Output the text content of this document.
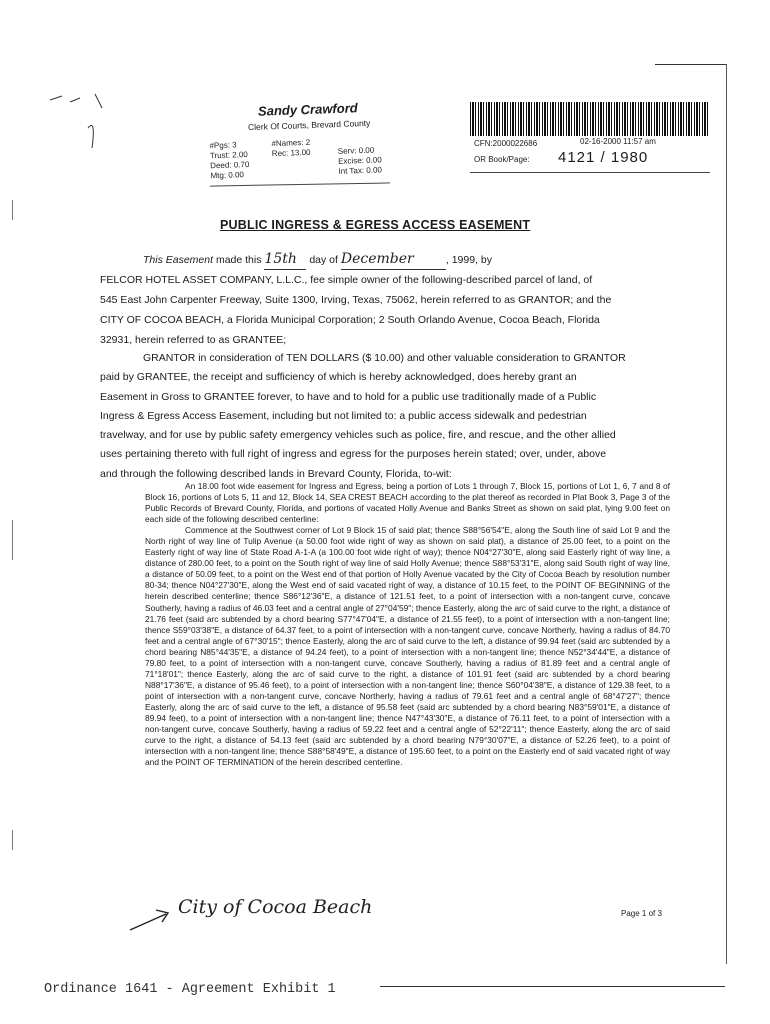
Sandy Crawford
Clerk Of Courts, Brevard County
#Pgs: 3	#Names: 2
Trust: 2.00	Rec: 13.00	Serv: 0.00
Deed: 0.70	Excise: 0.00
Mtg: 0.00	Int Tax: 0.00
CFN:2000022686	02-16-2000 11:57 am
OR Book/Page: 4121 / 1980
PUBLIC INGRESS & EGRESS ACCESS EASEMENT
This Easement made this 15th day of December	, 1999, by
FELCOR HOTEL ASSET COMPANY, L.L.C., fee simple owner of the following-described parcel of land, of
545 East John Carpenter Freeway, Suite 1300, Irving, Texas, 75062, herein referred to as GRANTOR; and the
CITY OF COCOA BEACH, a Florida Municipal Corporation; 2 South Orlando Avenue, Cocoa Beach, Florida
32931, herein referred to as GRANTEE;
GRANTOR in consideration of TEN DOLLARS ($ 10.00) and other valuable consideration to GRANTOR
paid by GRANTEE, the receipt and sufficiency of which is hereby acknowledged, does hereby grant an
Easement in Gross to GRANTEE forever, to have and to hold for a public use traditionally made of a Public
Ingress & Egress Access Easement, including but not limited to: a public access sidewalk and pedestrian
travelway, and for use by public safety emergency vehicles such as police, fire, and rescue, and the other allied
uses pertaining thereto with full right of ingress and egress for the purposes herein stated; over, under, above
and through the following described lands in Brevard County, Florida, to-wit:

An 18.00 foot wide easement for Ingress and Egress, being a portion of Lots 1 through 7, Block 15, portions of Lot 1, 6, 7 and 8 of Block 16, portions of Lots 5, 11 and 12, Block 14, SEA CREST BEACH according to the plat thereof as recorded in Plat Book 3, Page 3 of the Public Records of Brevard County, Florida, and portions of vacated Holly Avenue and Banks Street as shown on said plat, lying 9.00 feet on each side of the following described centerline:

Commence at the Southwest corner of Lot 9 Block 15 of said plat; thence S88°56'54"E, along the South line of said Lot 9 and the North right of way line of Tulip Avenue (a 50.00 foot wide right of way as shown on said plat), a distance of 25.00 feet, to a point on the Easterly right of way line of State Road A-1-A (a 100.00 foot wide right of way); thence N04°27'30"E, along said Easterly right of way line, a distance of 280.00 feet, to a point on the South right of way line of said Holly Avenue; thence S88°53'31"E, along said South right of way line, a distance of 50.09 feet, to a point on the West end of that portion of Holly Avenue vacated by the City of Cocoa Beach by resolution number 80-34; thence N04°27'30"E, along the West end of said vacated right of way, a distance of 10.15 feet, to the POINT OF BEGINNING of the herein described centerline; thence S86°12'36"E, a distance of 121.51 feet, to a point of intersection with a non-tangent curve, concave Southerly, having a radius of 46.03 feet and a central angle of 27°04'59"; thence Easterly, along the arc of said curve to the right, a distance of 21.76 feet (said arc subtended by a chord bearing S77°47'04"E, a distance of 21.55 feet), to a point of intersection with a non-tangent line; thence S59°03'38"E, a distance of 64.37 feet, to a point of intersection with a non-tangent curve, concave Northerly, having a radius of 84.70 feet and a central angle of 67°30'15"; thence Easterly, along the arc of said curve to the left, a distance of 99.94 feet (said arc subtended by a chord bearing N85°44'35"E, a distance of 94.24 feet), to a point of intersection with a non-tangent line; thence N52°34'44"E, a distance of 79.80 feet, to a point of intersection with a non-tangent curve, concave Southerly, having a radius of 81.89 feet and a central angle of 71°18'01"; thence Easterly, along the arc of said curve to the right, a distance of 101.91 feet (said arc subtended by a chord bearing N88°17'36"E, a distance of 95.46 feet), to a point of intersection with a non-tangent line; thence S60°04'38"E, a distance of 129.38 feet, to a point of intersection with a non-tangent curve, concave Northerly, having a radius of 79.61 feet and a central angle of 68°47'27"; thence Easterly, along the arc of said curve to the left, a distance of 95.58 feet (said arc subtended by a chord bearing N83°59'01"E, a distance of 89.94 feet), to a point of intersection with a non-tangent line; thence N47°43'30"E, a distance of 76.11 feet, to a point of intersection with a non-tangent curve, concave Southerly, having a radius of 59.22 feet and a central angle of 52°22'11"; thence Easterly, along the arc of said curve to the right, a distance of 54.13 feet (said arc subtended by a chord bearing N79°30'07"E, a distance of 52.26 feet), to a point of intersection with a non-tangent line; thence S88°58'49"E, a distance of 195.60 feet, to a point on the Easterly end of said vacated right of way and the POINT OF TERMINATION of the herein described centerline.

City of Cocoa Beach	Page 1 of 3
Ordinance 1641 - Agreement Exhibit 1
